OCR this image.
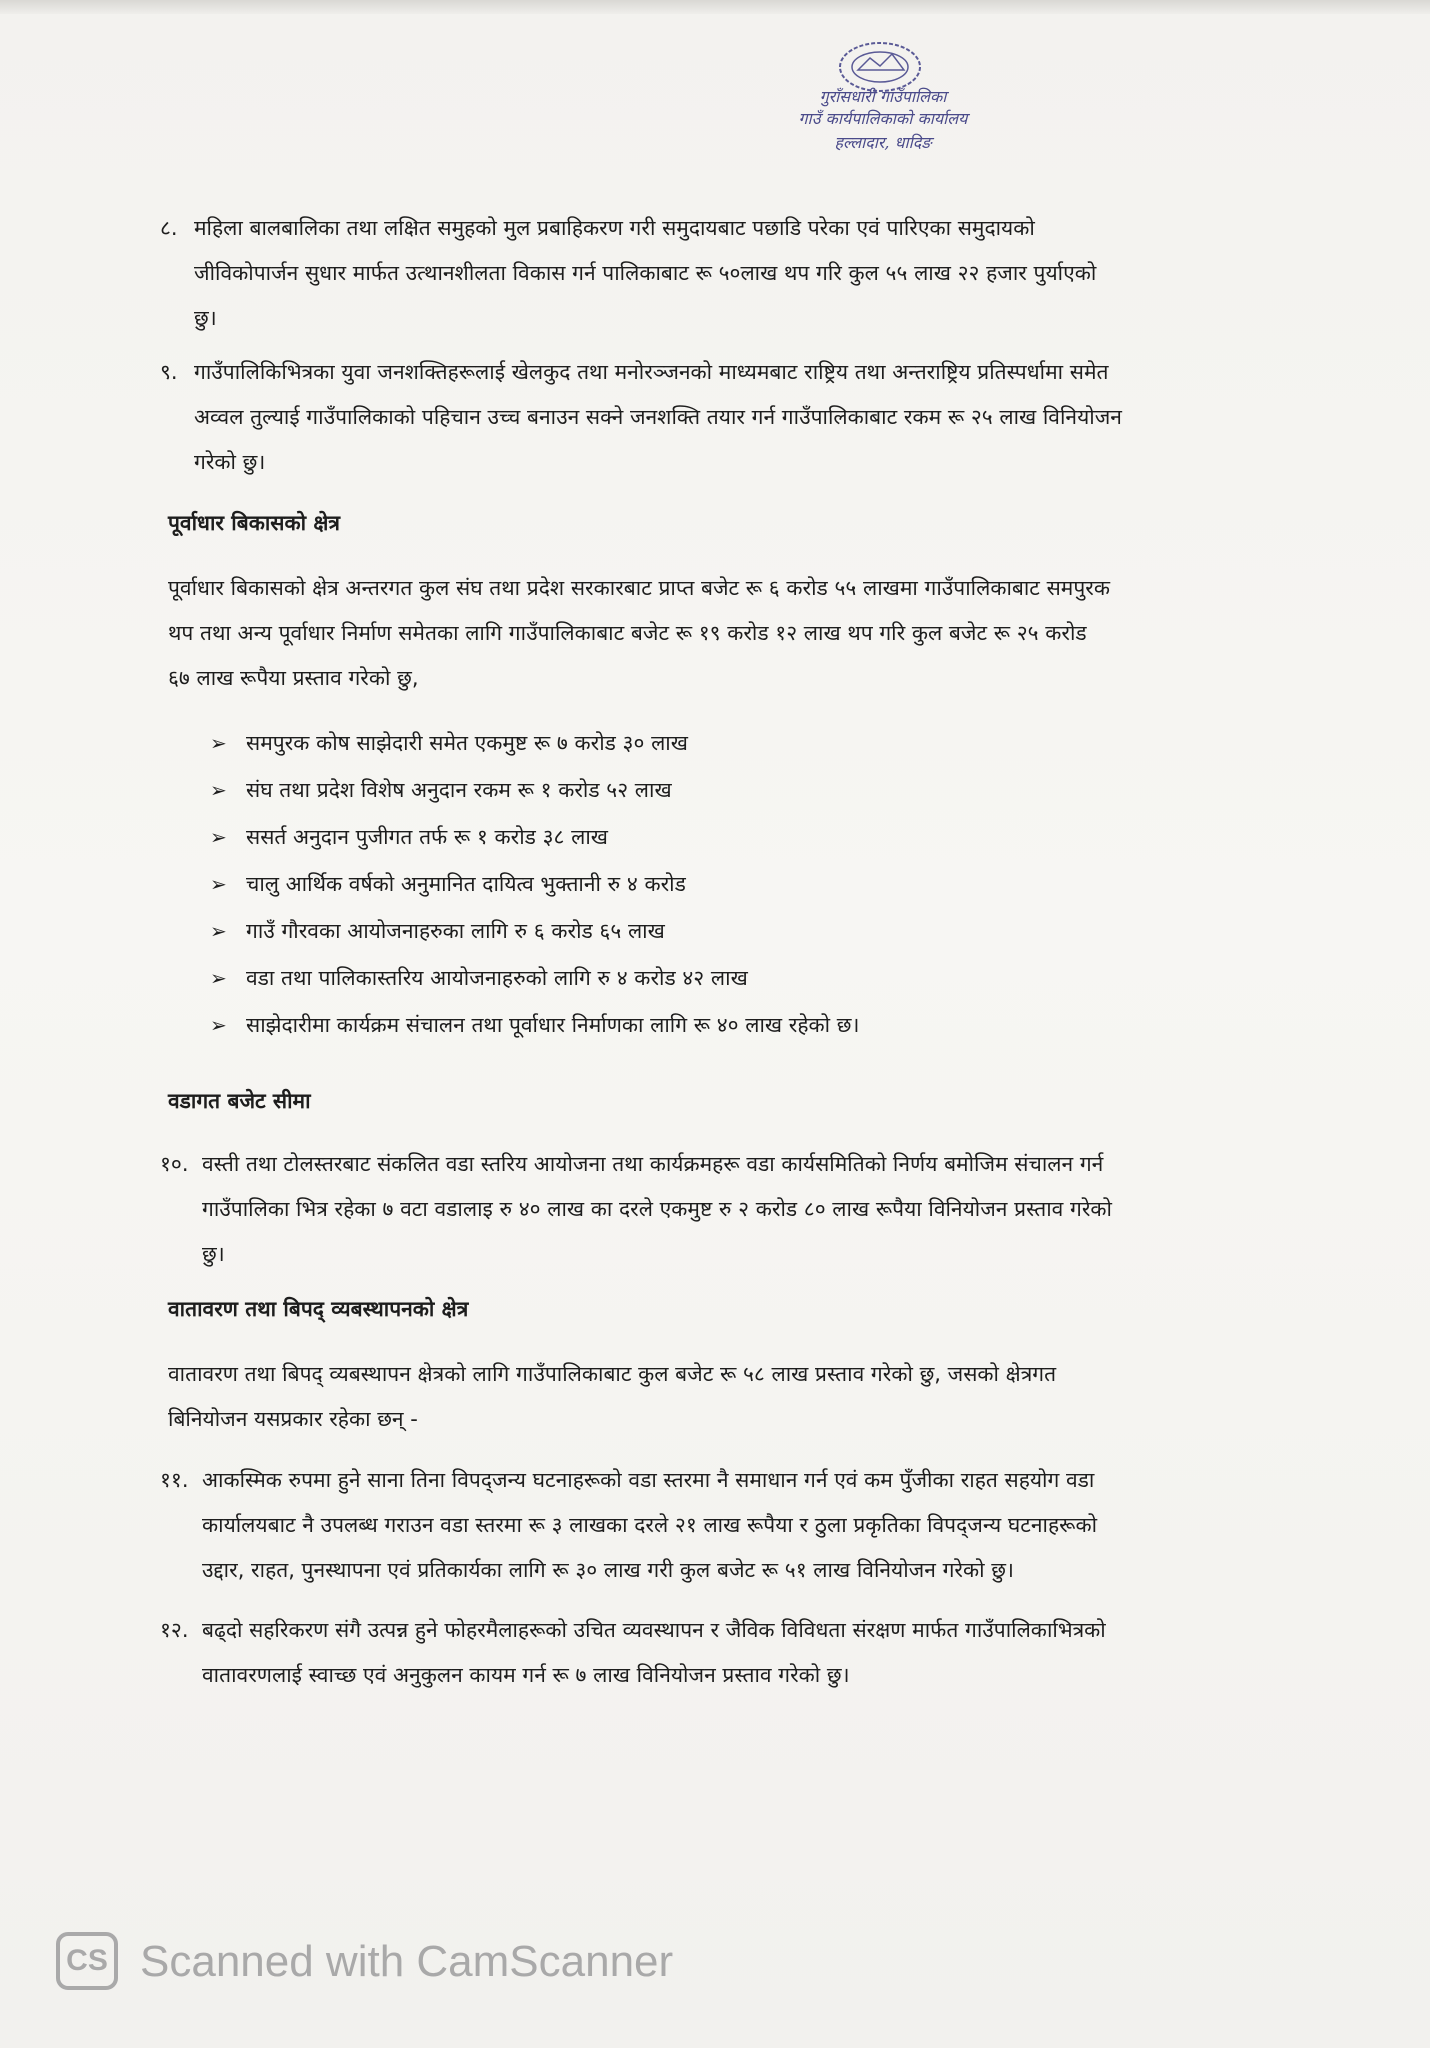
गुराँसधारी गाउँपालिका
गाउँ कार्यपालिकाको कार्यालय
हल्लादार, धादिङ
८. महिला बालबालिका तथा लक्षित समुहको मुल प्रबाहिकरण गरी समुदायबाट पछाडि परेका एवं पारिएका समुदायको
जीविकोपार्जन सुधार मार्फत उत्थानशीलता विकास गर्न पालिकाबाट रू ५०लाख थप गरि कुल ५५ लाख २२ हजार पुर्याएको
छु।
९. गाउँपालिकिभित्रका युवा जनशक्तिहरूलाई खेलकुद तथा मनोरञ्जनको माध्यमबाट राष्ट्रिय तथा अन्तराष्ट्रिय प्रतिस्पर्धामा समेत
अव्वल तुल्याई गाउँपालिकाको पहिचान उच्च बनाउन सक्ने जनशक्ति तयार गर्न गाउँपालिकाबाट रकम रू २५ लाख विनियोजन
गरेको छु।
पूर्वाधार बिकासको क्षेत्र
पूर्वाधार बिकासको क्षेत्र अन्तरगत कुल संघ तथा प्रदेश सरकारबाट प्राप्त बजेट रू ६ करोड ५५ लाखमा गाउँपालिकाबाट समपुरक
थप तथा अन्य पूर्वाधार निर्माण समेतका लागि गाउँपालिकाबाट बजेट रू १९ करोड १२ लाख थप गरि कुल बजेट रू २५ करोड
६७ लाख रूपैया प्रस्ताव गरेको छु,
➢ समपुरक कोष साझेदारी समेत एकमुष्ट रू ७ करोड ३० लाख
➢ संघ तथा प्रदेश विशेष अनुदान रकम रू १ करोड ५२ लाख
➢ ससर्त अनुदान पुजीगत तर्फ रू १ करोड ३८ लाख
➢ चालु आर्थिक वर्षको अनुमानित दायित्व भुक्तानी रु ४ करोड
➢ गाउँ गौरवका आयोजनाहरुका लागि रु ६ करोड ६५ लाख
➢ वडा तथा पालिकास्तरिय आयोजनाहरुको लागि रु ४ करोड ४२ लाख
➢ साझेदारीमा कार्यक्रम संचालन तथा पूर्वाधार निर्माणका लागि रू ४० लाख रहेको छ।
वडागत बजेट सीमा
१०. वस्ती तथा टोलस्तरबाट संकलित वडा स्तरिय आयोजना तथा कार्यक्रमहरू वडा कार्यसमितिको निर्णय बमोजिम संचालन गर्न
गाउँपालिका भित्र रहेका ७ वटा वडालाइ रु ४० लाख का दरले एकमुष्ट रु २ करोड ८० लाख रूपैया विनियोजन प्रस्ताव गरेको
छु।
वातावरण तथा बिपद् व्यबस्थापनको क्षेत्र
वातावरण तथा बिपद् व्यबस्थापन क्षेत्रको लागि गाउँपालिकाबाट कुल बजेट रू ५८ लाख प्रस्ताव गरेको छु, जसको क्षेत्रगत
बिनियोजन यसप्रकार रहेका छन् -
११. आकस्मिक रुपमा हुने साना तिना विपद्जन्य घटनाहरूको वडा स्तरमा नै समाधान गर्न एवं कम पुँजीका राहत सहयोग वडा
कार्यालयबाट नै उपलब्ध गराउन वडा स्तरमा रू ३ लाखका दरले २१ लाख रूपैया र ठुला प्रकृतिका विपद्जन्य घटनाहरूको
उद्दार, राहत, पुनस्थापना एवं प्रतिकार्यका लागि रू ३० लाख गरी कुल बजेट रू ५१ लाख विनियोजन गरेको छु।
१२. बढ्दो सहरिकरण संगै उत्पन्न हुने फोहरमैलाहरूको उचित व्यवस्थापन र जैविक विविधता संरक्षण मार्फत गाउँपालिकाभित्रको
वातावरणलाई स्वाच्छ एवं अनुकुलन कायम गर्न रू ७ लाख विनियोजन प्रस्ताव गरेको छु।
CS Scanned with CamScanner
